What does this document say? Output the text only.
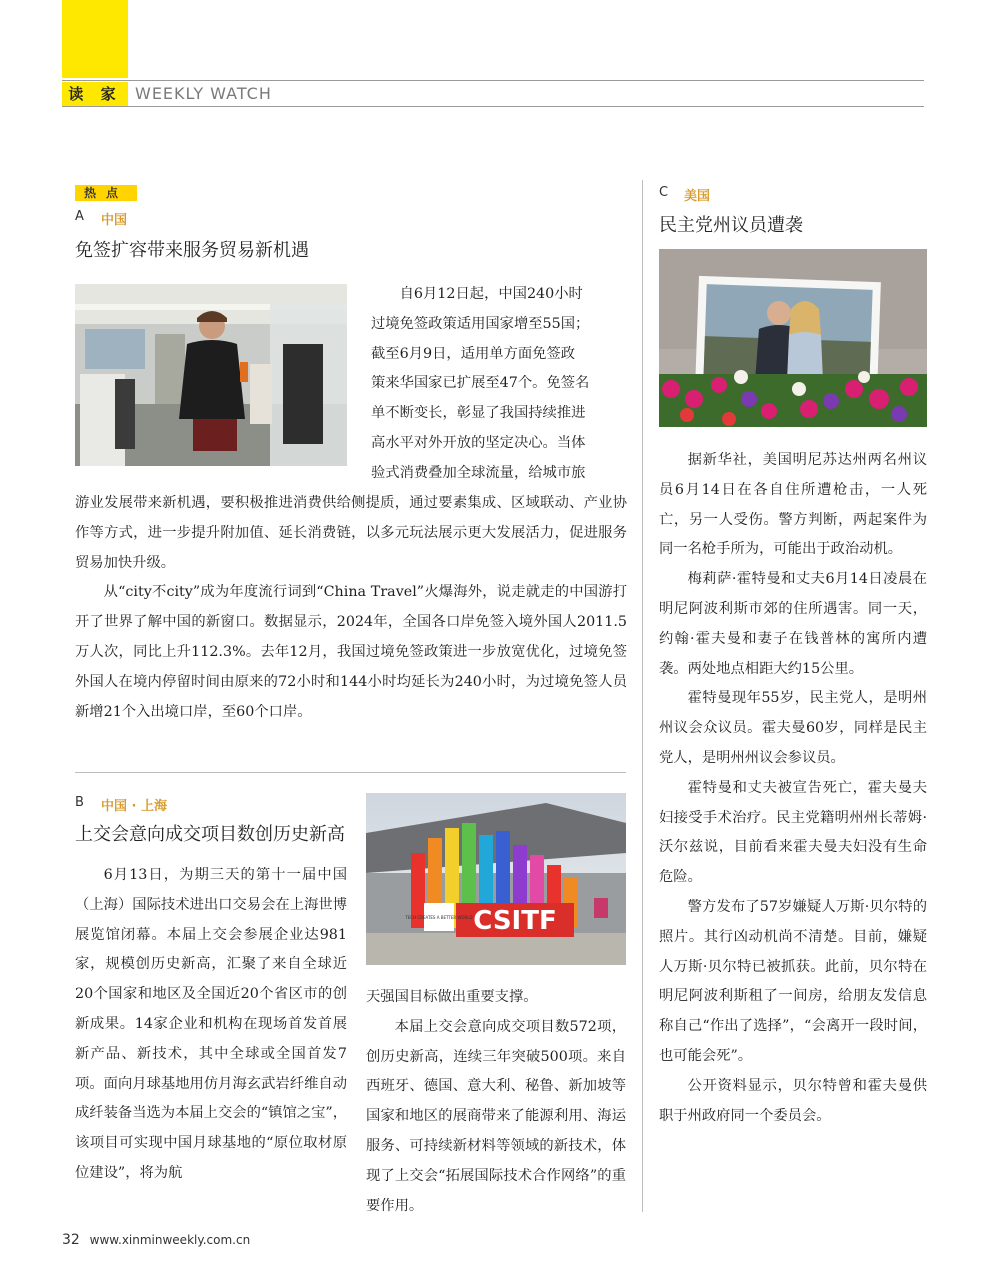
读 家 WEEKLY WATCH
热点
A 中国
免签扩容带来服务贸易新机遇
自6月12日起，中国240小时
过境免签政策适用国家增至55国；
截至6月9日，适用单方面免签政
策来华国家已扩展至47个。免签名
单不断变长，彰显了我国持续推进
高水平对外开放的坚定决心。当体
验式消费叠加全球流量，给城市旅

游业发展带来新机遇，要积极推进消费供给侧提质，通过要素集成、区域联动、产业协作等方式，进一步提升附加值、延长消费链，以多元玩法展示更大发展活力，促进服务贸易加快升级。

从“city不city”成为年度流行词到“China Travel”火爆海外，说走就走的中国游打开了世界了解中国的新窗口。数据显示，2024年，全国各口岸免签入境外国人2011.5万人次，同比上升112.3%。去年12月，我国过境免签政策进一步放宽优化，过境免签外国人在境内停留时间由原来的72小时和144小时均延长为240小时，为过境免签人员新增21个入出境口岸，至60个口岸。

B 中国 · 上海
上交会意向成交项目数创历史新高
CSITF
TECH CREATES A BETTER WORLD

6月13日，为期三天的第十一届中国（上海）国际技术进出口交易会在上海世博展览馆闭幕。本届上交会参展企业达981家，规模创历史新高，汇聚了来自全球近20个国家和地区及全国近20个省区市的创新成果。14家企业和机构在现场首发首展新产品、新技术，其中全球或全国首发7项。面向月球基地用仿月海玄武岩纤维自动成纤装备当选为本届上交会的“镇馆之宝”，该项目可实现中国月球基地的“原位取材原位建设”，将为航

天强国目标做出重要支撑。

本届上交会意向成交项目数572项，创历史新高，连续三年突破500项。来自西班牙、德国、意大利、秘鲁、新加坡等国家和地区的展商带来了能源利用、海运服务、可持续新材料等领域的新技术，体现了上交会“拓展国际技术合作网络”的重要作用。

C 美国
民主党州议员遭袭

据新华社，美国明尼苏达州两名州议员6月14日在各自住所遭枪击，一人死亡，另一人受伤。警方判断，两起案件为同一名枪手所为，可能出于政治动机。

梅莉萨·霍特曼和丈夫6月14日凌晨在明尼阿波利斯市郊的住所遇害。同一天，约翰·霍夫曼和妻子在钱普林的寓所内遭袭。两处地点相距大约15公里。

霍特曼现年55岁，民主党人，是明州州议会众议员。霍夫曼60岁，同样是民主党人，是明州州议会参议员。

霍特曼和丈夫被宣告死亡，霍夫曼夫妇接受手术治疗。民主党籍明州州长蒂姆·沃尔兹说，目前看来霍夫曼夫妇没有生命危险。

警方发布了57岁嫌疑人万斯·贝尔特的照片。其行凶动机尚不清楚。目前，嫌疑人万斯·贝尔特已被抓获。此前，贝尔特在明尼阿波利斯租了一间房，给朋友发信息称自己“作出了选择”，“会离开一段时间，也可能会死”。

公开资料显示，贝尔特曾和霍夫曼供职于州政府同一个委员会。

32 www.xinminweekly.com.cn
